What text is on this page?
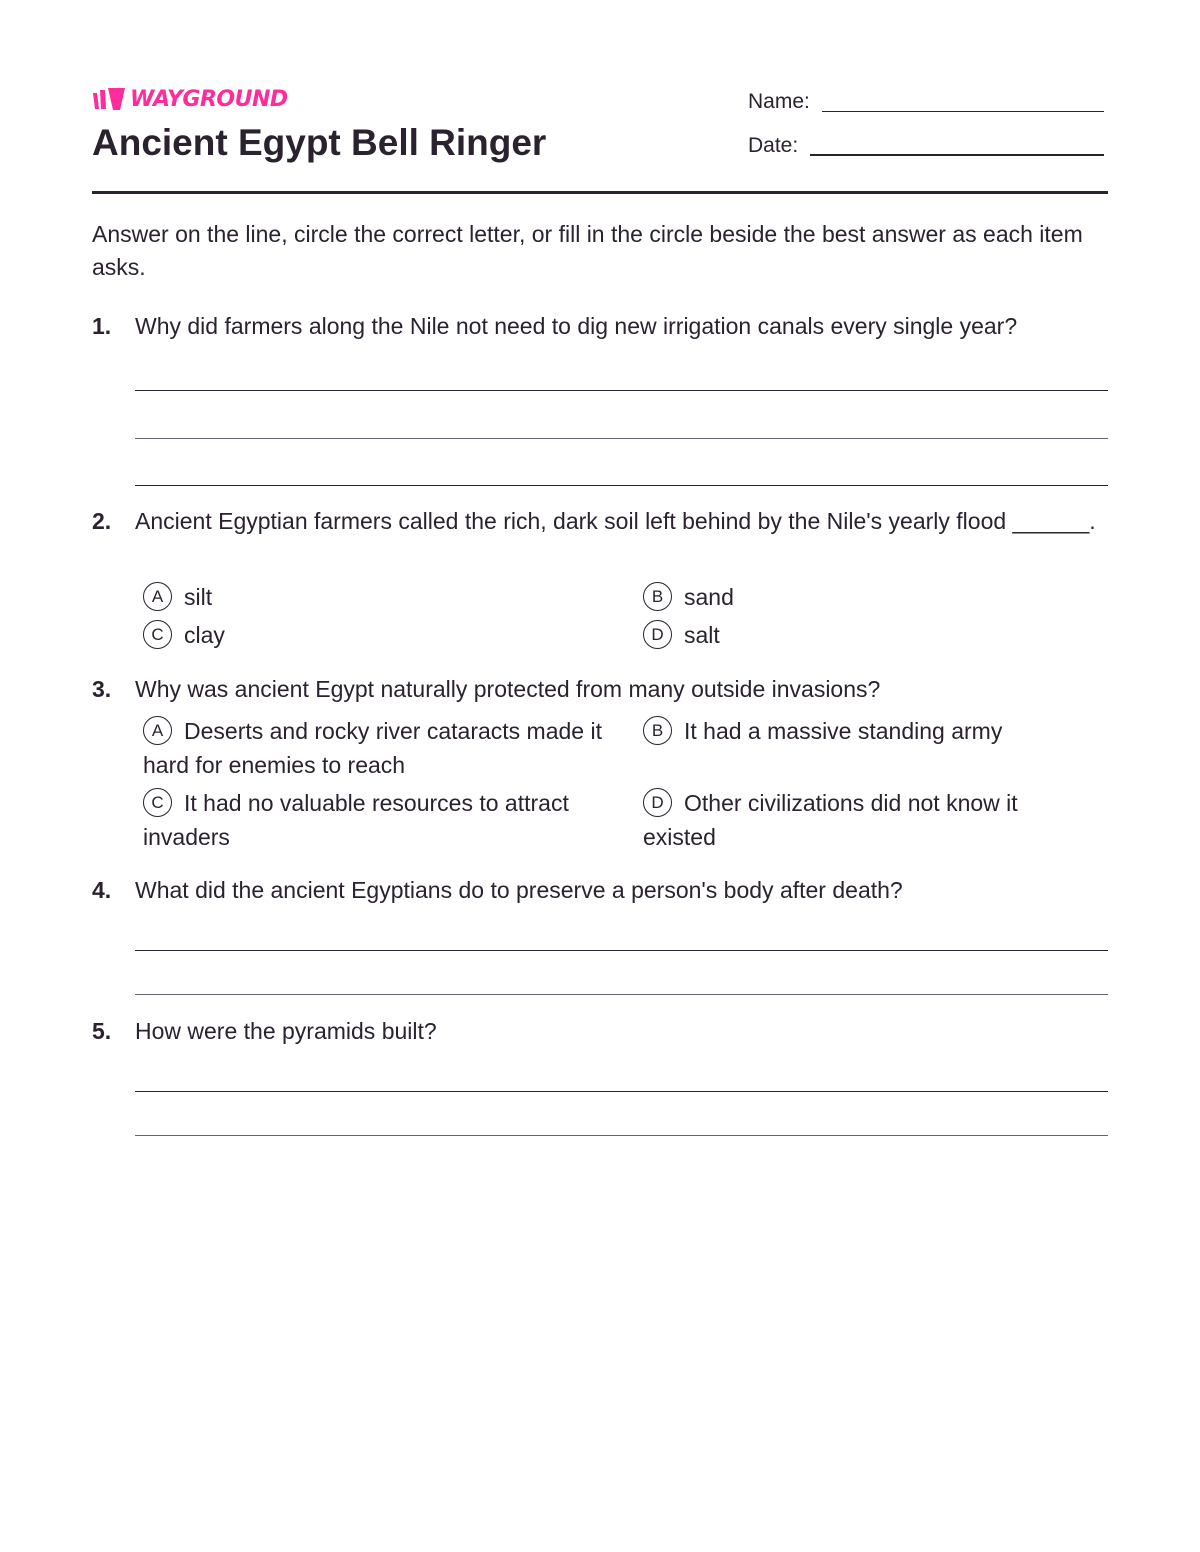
WAYGROUND
Ancient Egypt Bell Ringer
Name:
Date:
Answer on the line, circle the correct letter, or fill in the circle beside the best answer as each item asks.
1. Why did farmers along the Nile not need to dig new irrigation canals every single year?
2. Ancient Egyptian farmers called the rich, dark soil left behind by the Nile's yearly flood ______.
A silt	B sand
C clay	D salt
3. Why was ancient Egypt naturally protected from many outside invasions?
A Deserts and rocky river cataracts made it hard for enemies to reach
B It had a massive standing army
C It had no valuable resources to attract invaders
D Other civilizations did not know it existed
4. What did the ancient Egyptians do to preserve a person's body after death?
5. How were the pyramids built?
